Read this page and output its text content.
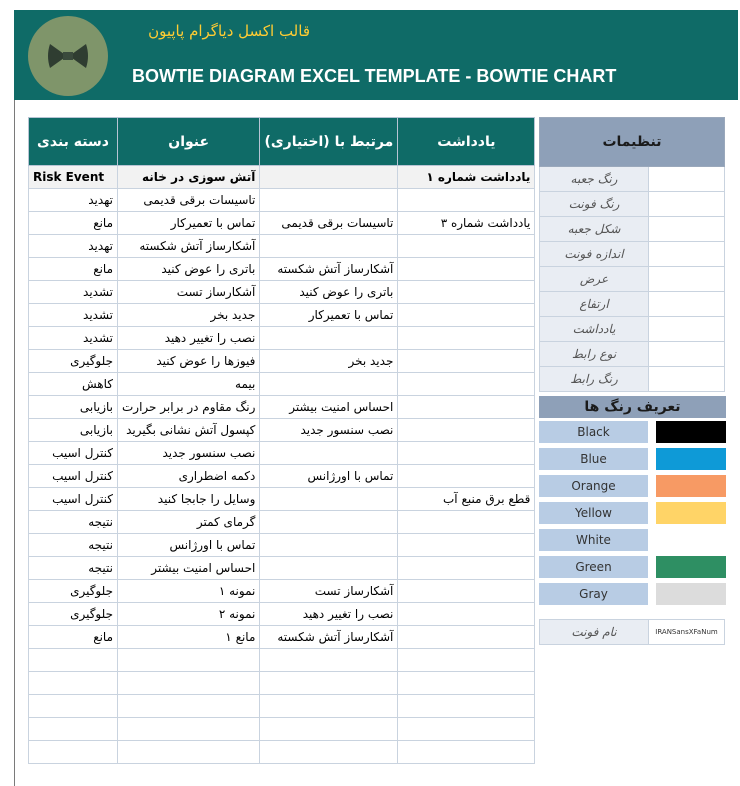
قالب اکسل دیاگرام پاپیون
BOWTIE DIAGRAM EXCEL TEMPLATE - BOWTIE CHART
دسته بندی	عنوان	مرتبط با (اختیاری)	یادداشت
Risk Event	آتش سوزی در خانه		یادداشت شماره ۱
تهدید	تاسیسات برقی قدیمی		
مانع	تماس با تعمیرکار	تاسیسات برقی قدیمی	یادداشت شماره ۳
تهدید	آشکارساز آتش شکسته		
مانع	باتری را عوض کنید	آشکارساز آتش شکسته	
تشدید	آشکارساز تست	باتری را عوض کنید	
تشدید	جدید بخر	تماس با تعمیرکار	
تشدید	نصب را تغییر دهید		
جلوگیری	فیوزها را عوض کنید	جدید بخر	
کاهش	بیمه		
بازیابی	رنگ مقاوم در برابر حرارت	احساس امنیت بیشتر	
بازیابی	کپسول آتش نشانی بگیرید	نصب سنسور جدید	
کنترل اسیب	نصب سنسور جدید		
کنترل اسیب	دکمه اضطراری	تماس با اورژانس	
کنترل اسیب	وسایل را جابجا کنید		قطع برق منبع آب
نتیجه	گرمای کمتر		
نتیجه	تماس با اورژانس		
نتیجه	احساس امنیت بیشتر		
جلوگیری	نمونه ۱	آشکارساز تست	
جلوگیری	نمونه ۲	نصب را تغییر دهید	
مانع	مانع ۱	آشکارساز آتش شکسته	

تنظیمات	
رنگ جعبه	
رنگ فونت	
شکل جعبه	
اندازه فونت	
عرض	
ارتفاع	
یادداشت	
نوع رابط	
رنگ رابط	
تعریف رنگ ها		
Black		
Blue		
Orange		
Yellow		
White		
Green		
Gray		
نام فونت	IRANSansXFaNum
